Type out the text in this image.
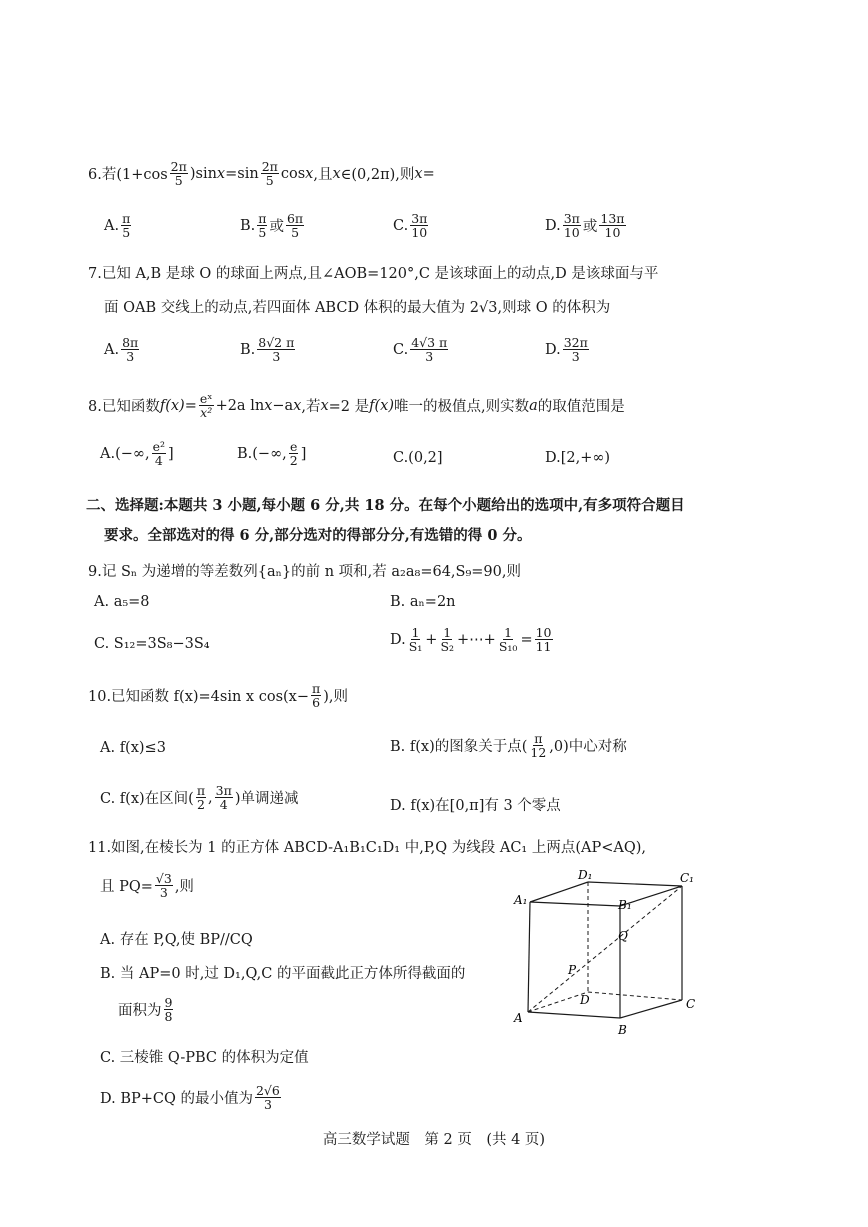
6.若$(1+\cos \frac{2\pi}{5} )\sin$ $x =\sin \frac{2\pi}{5}$ cos x ,且 x ∈(0,2π),则 x =
A. $\frac{\pi}{5}$	B. $\frac{\pi}{5}$ 或 $\frac{6\pi}{5}$	C. $\frac{3\pi}{10}$	D. $\frac{3\pi}{10}$ 或 $\frac{13\pi}{10}$
7.已知 A,B 是球 O 的球面上两点,且∠AOB=120°,C 是该球面上的动点,D 是该球面与平
面 OAB 交线上的动点,若四面体 ABCD 体积的最大值为 2√3,则球 O 的体积为
A. $\frac{8\pi}{3}$	B. $\frac{8√2 \pi}{3}$	C. $\frac{4√3 \pi}{3}$	D. $\frac{32\pi}{3}$
8.已知函数 $f(x) = \frac{\text{eˣ}}{\text{x²}} +2a$ ln x −a x ,若 x =2 是 f(x) 唯一的极值点,则实数 a 的取值范围是
A.(−∞, $\frac{\text{e²}}{4}$ ]	B.(−∞, $\frac{e}{2}$ ]	C.(0,2]	D.[2,+∞)
二、选择题:本题共 3 小题,每小题 6 分,共 18 分。在每个小题给出的选项中,有多项符合题目
要求。全部选对的得 6 分,部分选对的得部分分,有选错的得 0 分。
9.记 Sₙ 为递增的等差数列{aₙ}的前 n 项和,若 a₂a₈=64,S₉=90,则
A. a₅=8	B. aₙ=2n
C. S₁₂=3S₈−3S₄	D. $\frac{1}{\text{S₁}} + \frac{1}{\text{S₂}}$ +⋯+ $\frac{1}{\text{S₁₀}} = \frac{10}{11}$
10.已知函数 f(x)=4sin x $\cos(x- \frac{\pi}{6}$ ),则
A. f(x)≤3	B. f(x)的图象关于点( $\frac{\pi}{12} ,0$)中心对称
C. f(x)在区间( $\frac{\pi}{2}$ , $\frac{3\pi}{4}$ )单调递减	D. f(x)在[0,π]有 3 个零点
11.如图,在棱长为 1 的正方体 ABCD-A₁B₁C₁D₁ 中,P,Q 为线段 AC₁ 上两点(AP<AQ),
且 $PQ= \frac{√3}{3}$ ,则
A. 存在 P,Q,使 BP//CQ
B. 当 AP=0 时,过 D₁,Q,C 的平面截此正方体所得截面的
面积为 $\frac{9}{8}$
C. 三棱锥 Q-PBC 的体积为定值
D. BP+CQ 的最小值为 $\frac{2√6}{3}$
D₁	C₁
A₁	B₁
Q
P
D
A
B
C
高三数学试题　第 2 页　(共 4 页)
